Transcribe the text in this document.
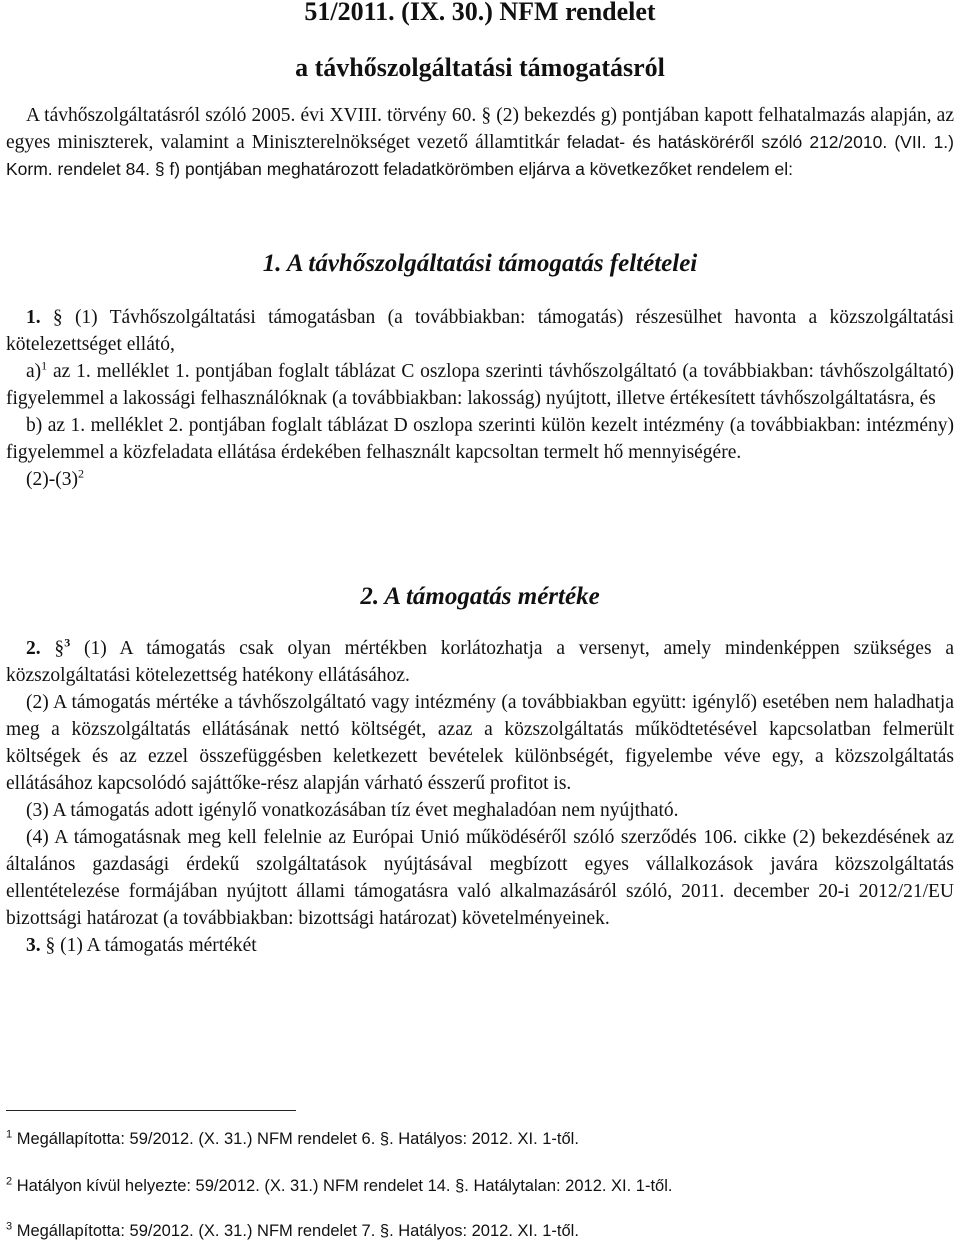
51/2011. (IX. 30.) NFM rendelet
a távhőszolgáltatási támogatásról
A távhőszolgáltatásról szóló 2005. évi XVIII. törvény 60. § (2) bekezdés g) pontjában kapott felhatalmazás alapján, az egyes miniszterek, valamint a Miniszterelnökséget vezető államtitkár feladat- és hatásköréről szóló 212/2010. (VII. 1.) Korm. rendelet 84. § f) pontjában meghatározott feladatkörömben eljárva a következőket rendelem el:
1. A távhőszolgáltatási támogatás feltételei
1. § (1) Távhőszolgáltatási támogatásban (a továbbiakban: támogatás) részesülhet havonta a közszolgáltatási kötelezettséget ellátó,
a)$^1$ az 1. melléklet 1. pontjában foglalt táblázat C oszlopa szerinti távhőszolgáltató (a továbbiakban: távhőszolgáltató) figyelemmel a lakossági felhasználóknak (a továbbiakban: lakosság) nyújtott, illetve értékesített távhőszolgáltatásra, és
b) az 1. melléklet 2. pontjában foglalt táblázat D oszlopa szerinti külön kezelt intézmény (a továbbiakban: intézmény) figyelemmel a közfeladata ellátása érdekében felhasznált kapcsoltan termelt hő mennyiségére.
$(2)-(3)^2$
2. A támogatás mértéke
2. §$^3$ (1) A támogatás csak olyan mértékben korlátozhatja a versenyt, amely mindenképpen szükséges a közszolgáltatási kötelezettség hatékony ellátásához.
(2) A támogatás mértéke a távhőszolgáltató vagy intézmény (a továbbiakban együtt: igénylő) esetében nem haladhatja meg a közszolgáltatás ellátásának nettó költségét, azaz a közszolgáltatás működtetésével kapcsolatban felmerült költségek és az ezzel összefüggésben keletkezett bevételek különbségét, figyelembe véve egy, a közszolgáltatás ellátásához kapcsolódó sajáttőke-rész alapján várható ésszerű profitot is.
(3) A támogatás adott igénylő vonatkozásában tíz évet meghaladóan nem nyújtható.
(4) A támogatásnak meg kell felelnie az Európai Unió működéséről szóló szerződés 106. cikke (2) bekezdésének az általános gazdasági érdekű szolgáltatások nyújtásával megbízott egyes vállalkozások javára közszolgáltatás ellentételezése formájában nyújtott állami támogatásra való alkalmazásáról szóló, 2011. december 20-i 2012/21/EU bizottsági határozat (a továbbiakban: bizottsági határozat) követelményeinek.
3. § (1) A támogatás mértékét
$^1$ Megállapította: 59/2012. (X. 31.) NFM rendelet 6. §. Hatályos: 2012. XI. 1-től.
$^2$ Hatályon kívül helyezte: 59/2012. (X. 31.) NFM rendelet 14. §. Hatálytalan: 2012. XI. 1-től.
$^3$ Megállapította: 59/2012. (X. 31.) NFM rendelet 7. §. Hatályos: 2012. XI. 1-től.
